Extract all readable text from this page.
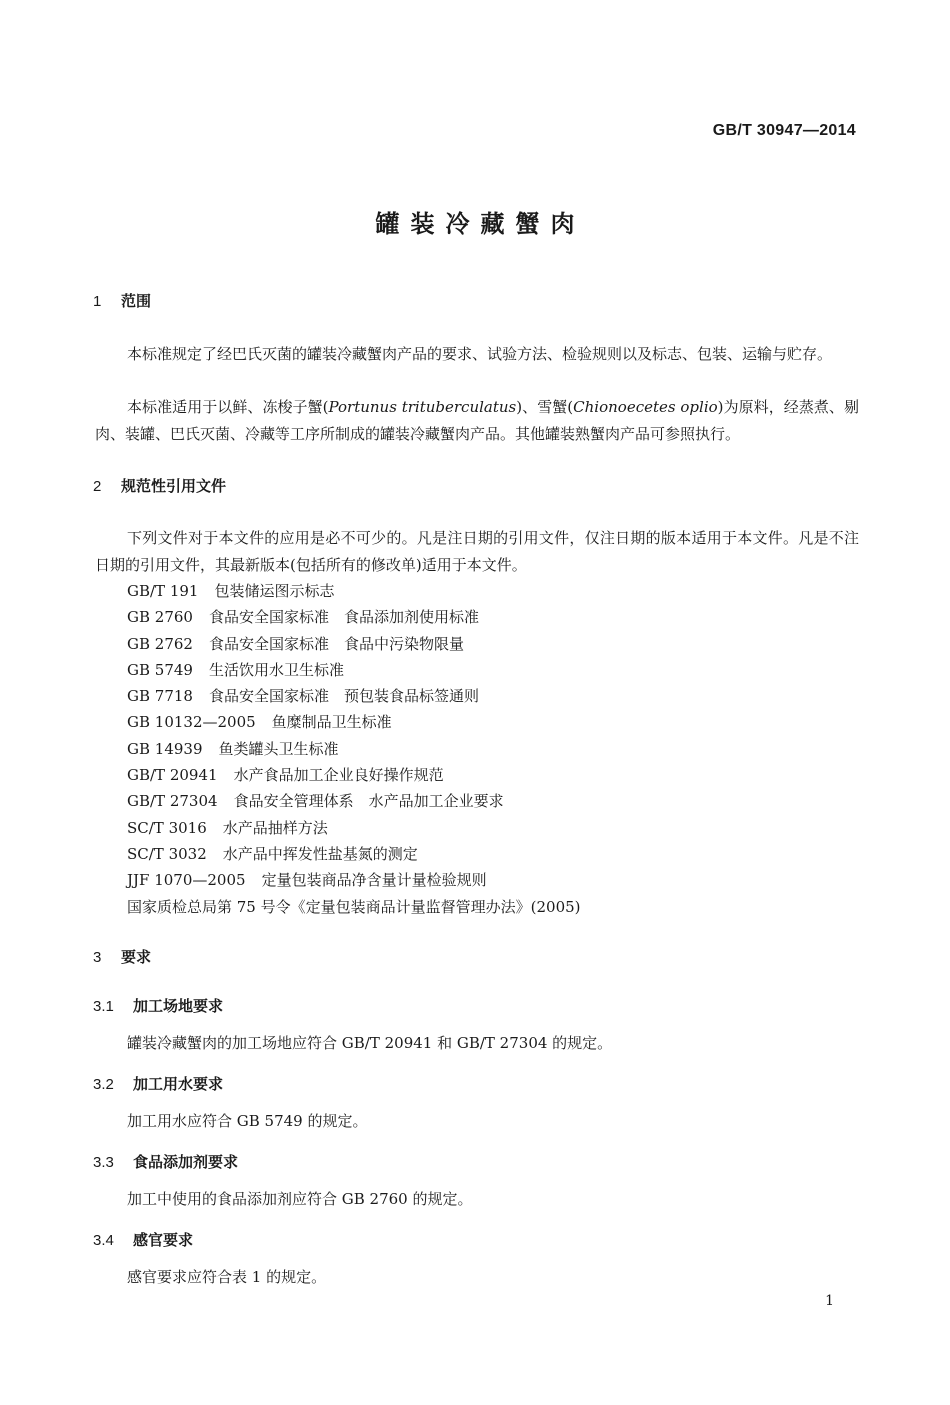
GB/T 30947—2014
罐装冷藏蟹肉
1 范围

本标准规定了经巴氏灭菌的罐装冷藏蟹肉产品的要求、试验方法、检验规则以及标志、包装、运输与贮存。

本标准适用于以鲜、冻梭子蟹(Portunus trituberculatus)、雪蟹(Chionoecetes oplio)为原料，经蒸煮、剔肉、装罐、巴氏灭菌、冷藏等工序所制成的罐装冷藏蟹肉产品。其他罐装熟蟹肉产品可参照执行。

2 规范性引用文件

下列文件对于本文件的应用是必不可少的。凡是注日期的引用文件，仅注日期的版本适用于本文件。凡是不注日期的引用文件，其最新版本(包括所有的修改单)适用于本文件。

GB/T 191 包装储运图示标志
GB 2760 食品安全国家标准　食品添加剂使用标准
GB 2762 食品安全国家标准　食品中污染物限量
GB 5749 生活饮用水卫生标准
GB 7718 食品安全国家标准　预包装食品标签通则
GB 10132—2005 鱼糜制品卫生标准
GB 14939 鱼类罐头卫生标准
GB/T 20941 水产食品加工企业良好操作规范
GB/T 27304 食品安全管理体系　水产品加工企业要求
SC/T 3016 水产品抽样方法
SC/T 3032 水产品中挥发性盐基氮的测定
JJF 1070—2005 定量包装商品净含量计量检验规则
国家质检总局第 75 号令《定量包装商品计量监督管理办法》(2005)
3 要求
3.1 加工场地要求
罐装冷藏蟹肉的加工场地应符合 GB/T 20941 和 GB/T 27304 的规定。
3.2 加工用水要求
加工用水应符合 GB 5749 的规定。
3.3 食品添加剂要求
加工中使用的食品添加剂应符合 GB 2760 的规定。
3.4 感官要求
感官要求应符合表 1 的规定。
1
